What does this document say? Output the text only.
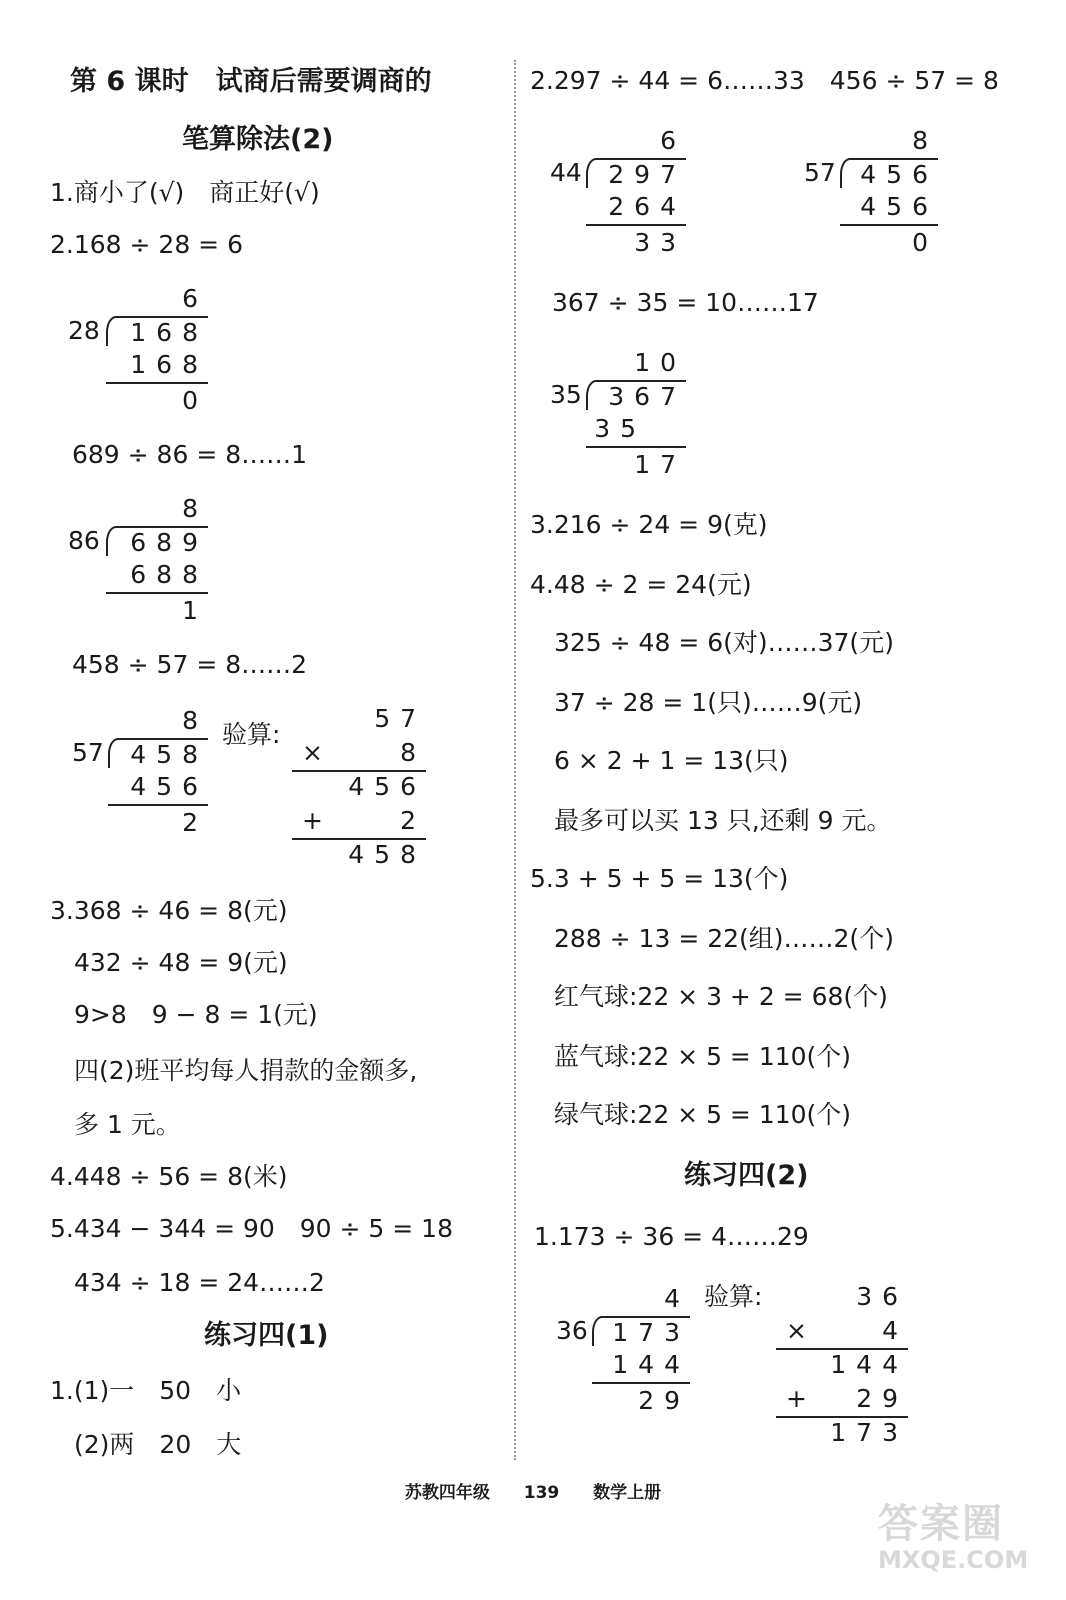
第 6 课时　试商后需要调商的
笔算除法(2)
1.商小了(√)　商正好(√)
2.168 ÷ 28 = 6
6
28 168
168
0
689 ÷ 86 = 8……1
8
86 689
688
1
458 ÷ 57 = 8……2
8
57 458
456
2
验算:
57
×	8
456
+	2
458
3.368 ÷ 46 = 8(元)
432 ÷ 48 = 9(元)
9>8　9 − 8 = 1(元)
四(2)班平均每人捐款的金额多,
多 1 元。
4.448 ÷ 56 = 8(米)
5.434 − 344 = 90　90 ÷ 5 = 18
434 ÷ 18 = 24……2
练习四(1)
1.(1)一　50　小
(2)两　20　大
2.297 ÷ 44 = 6……33　456 ÷ 57 = 8
6
44 297
264
33
8
57 456
456
0
367 ÷ 35 = 10……17
10
35 367
35
17
3.216 ÷ 24 = 9(克)
4.48 ÷ 2 = 24(元)
325 ÷ 48 = 6(对)……37(元)
37 ÷ 28 = 1(只)……9(元)
6 × 2 + 1 = 13(只)
最多可以买 13 只,还剩 9 元。
5.3 + 5 + 5 = 13(个)
288 ÷ 13 = 22(组)……2(个)
红气球:22 × 3 + 2 = 68(个)
蓝气球:22 × 5 = 110(个)
绿气球:22 × 5 = 110(个)
练习四(2)
1.173 ÷ 36 = 4……29
4
36 173
144
29
验算:	36
×	4
144
+ 29
173
苏教四年级 139 数学上册
答案圈
MXQE.COM
